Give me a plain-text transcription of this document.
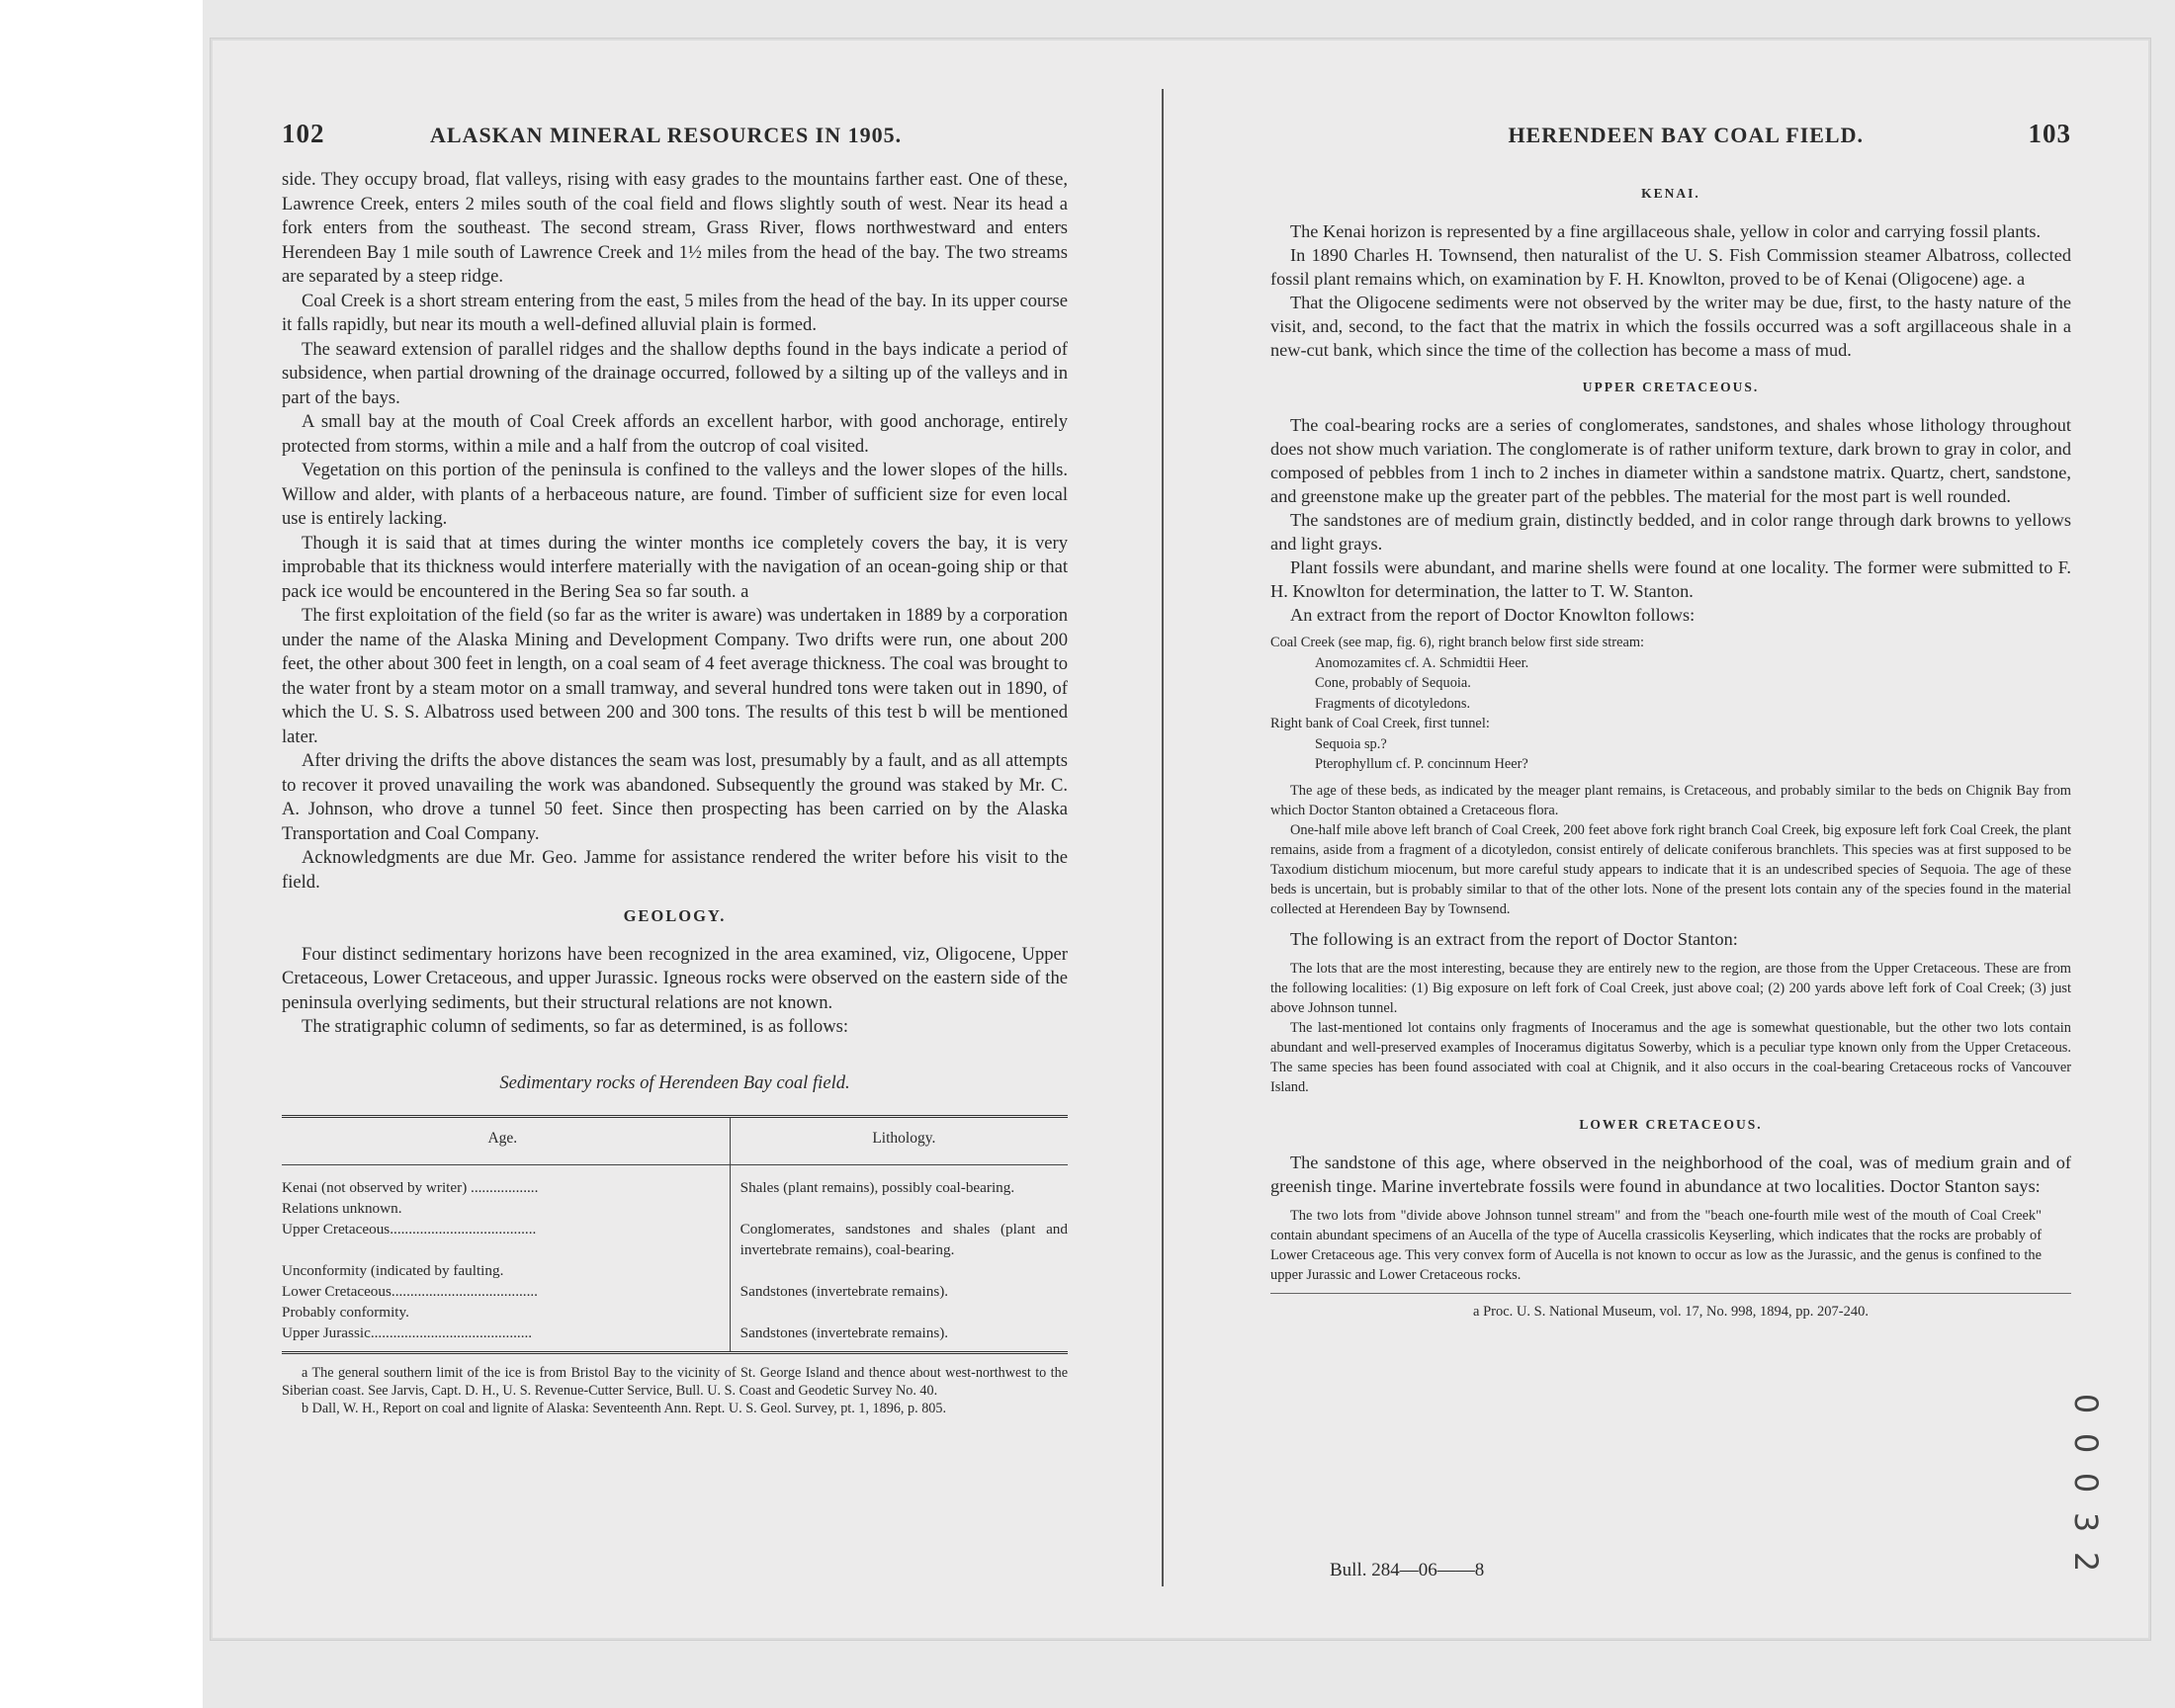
102	ALASKAN MINERAL RESOURCES IN 1905.

side. They occupy broad, flat valleys, rising with easy grades to the mountains farther east. One of these, Lawrence Creek, enters 2 miles south of the coal field and flows slightly south of west. Near its head a fork enters from the southeast. The second stream, Grass River, flows northwestward and enters Herendeen Bay 1 mile south of Lawrence Creek and 1½ miles from the head of the bay. The two streams are separated by a steep ridge.

Coal Creek is a short stream entering from the east, 5 miles from the head of the bay. In its upper course it falls rapidly, but near its mouth a well-defined alluvial plain is formed.

The seaward extension of parallel ridges and the shallow depths found in the bays indicate a period of subsidence, when partial drowning of the drainage occurred, followed by a silting up of the valleys and in part of the bays.

A small bay at the mouth of Coal Creek affords an excellent harbor, with good anchorage, entirely protected from storms, within a mile and a half from the outcrop of coal visited.

Vegetation on this portion of the peninsula is confined to the valleys and the lower slopes of the hills. Willow and alder, with plants of a herbaceous nature, are found. Timber of sufficient size for even local use is entirely lacking.

Though it is said that at times during the winter months ice completely covers the bay, it is very improbable that its thickness would interfere materially with the navigation of an ocean-going ship or that pack ice would be encountered in the Bering Sea so far south. a

The first exploitation of the field (so far as the writer is aware) was undertaken in 1889 by a corporation under the name of the Alaska Mining and Development Company. Two drifts were run, one about 200 feet, the other about 300 feet in length, on a coal seam of 4 feet average thickness. The coal was brought to the water front by a steam motor on a small tramway, and several hundred tons were taken out in 1890, of which the U. S. S. Albatross used between 200 and 300 tons. The results of this test b will be mentioned later.

After driving the drifts the above distances the seam was lost, presumably by a fault, and as all attempts to recover it proved unavailing the work was abandoned. Subsequently the ground was staked by Mr. C. A. Johnson, who drove a tunnel 50 feet. Since then prospecting has been carried on by the Alaska Transportation and Coal Company.

Acknowledgments are due Mr. Geo. Jamme for assistance rendered the writer before his visit to the field.

GEOLOGY.

Four distinct sedimentary horizons have been recognized in the area examined, viz, Oligocene, Upper Cretaceous, Lower Cretaceous, and upper Jurassic. Igneous rocks were observed on the eastern side of the peninsula overlying sediments, but their structural relations are not known.

The stratigraphic column of sediments, so far as determined, is as follows:

Sedimentary rocks of Herendeen Bay coal field.
Age.	Lithology.

Kenai (not observed by writer) ..................	Shales (plant remains), possibly coal-bearing.
Relations unknown.	
Upper Cretaceous.......................................	Conglomerates, sandstones and shales (plant and invertebrate remains), coal-bearing.
Unconformity (indicated by faulting.	
Lower Cretaceous.......................................	Sandstones (invertebrate remains).
Probably conformity.	
Upper Jurassic...........................................	Sandstones (invertebrate remains).

a The general southern limit of the ice is from Bristol Bay to the vicinity of St. George Island and thence about west-northwest to the Siberian coast. See Jarvis, Capt. D. H., U. S. Revenue-Cutter Service, Bull. U. S. Coast and Geodetic Survey No. 40.
b Dall, W. H., Report on coal and lignite of Alaska: Seventeenth Ann. Rept. U. S. Geol. Survey, pt. 1, 1896, p. 805.
HERENDEEN BAY COAL FIELD.	103
KENAI.

The Kenai horizon is represented by a fine argillaceous shale, yellow in color and carrying fossil plants.

In 1890 Charles H. Townsend, then naturalist of the U. S. Fish Commission steamer Albatross, collected fossil plant remains which, on examination by F. H. Knowlton, proved to be of Kenai (Oligocene) age. a

That the Oligocene sediments were not observed by the writer may be due, first, to the hasty nature of the visit, and, second, to the fact that the matrix in which the fossils occurred was a soft argillaceous shale in a new-cut bank, which since the time of the collection has become a mass of mud.

UPPER CRETACEOUS.

The coal-bearing rocks are a series of conglomerates, sandstones, and shales whose lithology throughout does not show much variation. The conglomerate is of rather uniform texture, dark brown to gray in color, and composed of pebbles from 1 inch to 2 inches in diameter within a sandstone matrix. Quartz, chert, sandstone, and greenstone make up the greater part of the pebbles. The material for the most part is well rounded.

The sandstones are of medium grain, distinctly bedded, and in color range through dark browns to yellows and light grays.

Plant fossils were abundant, and marine shells were found at one locality. The former were submitted to F. H. Knowlton for determination, the latter to T. W. Stanton.

An extract from the report of Doctor Knowlton follows:

Coal Creek (see map, fig. 6), right branch below first side stream:
Anomozamites cf. A. Schmidtii Heer.
Cone, probably of Sequoia.
Fragments of dicotyledons.
Right bank of Coal Creek, first tunnel:
Sequoia sp.?
Pterophyllum cf. P. concinnum Heer?

The age of these beds, as indicated by the meager plant remains, is Cretaceous, and probably similar to the beds on Chignik Bay from which Doctor Stanton obtained a Cretaceous flora.

One-half mile above left branch of Coal Creek, 200 feet above fork right branch Coal Creek, big exposure left fork Coal Creek, the plant remains, aside from a fragment of a dicotyledon, consist entirely of delicate coniferous branchlets. This species was at first supposed to be Taxodium distichum miocenum, but more careful study appears to indicate that it is an undescribed species of Sequoia. The age of these beds is uncertain, but is probably similar to that of the other lots. None of the present lots contain any of the species found in the material collected at Herendeen Bay by Townsend.

The following is an extract from the report of Doctor Stanton:

The lots that are the most interesting, because they are entirely new to the region, are those from the Upper Cretaceous. These are from the following localities: (1) Big exposure on left fork of Coal Creek, just above coal; (2) 200 yards above left fork of Coal Creek; (3) just above Johnson tunnel.

The last-mentioned lot contains only fragments of Inoceramus and the age is somewhat questionable, but the other two lots contain abundant and well-preserved examples of Inoceramus digitatus Sowerby, which is a peculiar type known only from the Upper Cretaceous. The same species has been found associated with coal at Chignik, and it also occurs in the coal-bearing Cretaceous rocks of Vancouver Island.

LOWER CRETACEOUS.

The sandstone of this age, where observed in the neighborhood of the coal, was of medium grain and of greenish tinge. Marine invertebrate fossils were found in abundance at two localities. Doctor Stanton says:

The two lots from "divide above Johnson tunnel stream" and from the "beach one-fourth mile west of the mouth of Coal Creek" contain abundant specimens of an Aucella of the type of Aucella crassicolis Keyserling, which indicates that the rocks are probably of Lower Cretaceous age. This very convex form of Aucella is not known to occur as low as the Jurassic, and the genus is confined to the upper Jurassic and Lower Cretaceous rocks.

a Proc. U. S. National Museum, vol. 17, No. 998, 1894, pp. 207-240.
Bull. 284—06——8
0
0
0
3
2
